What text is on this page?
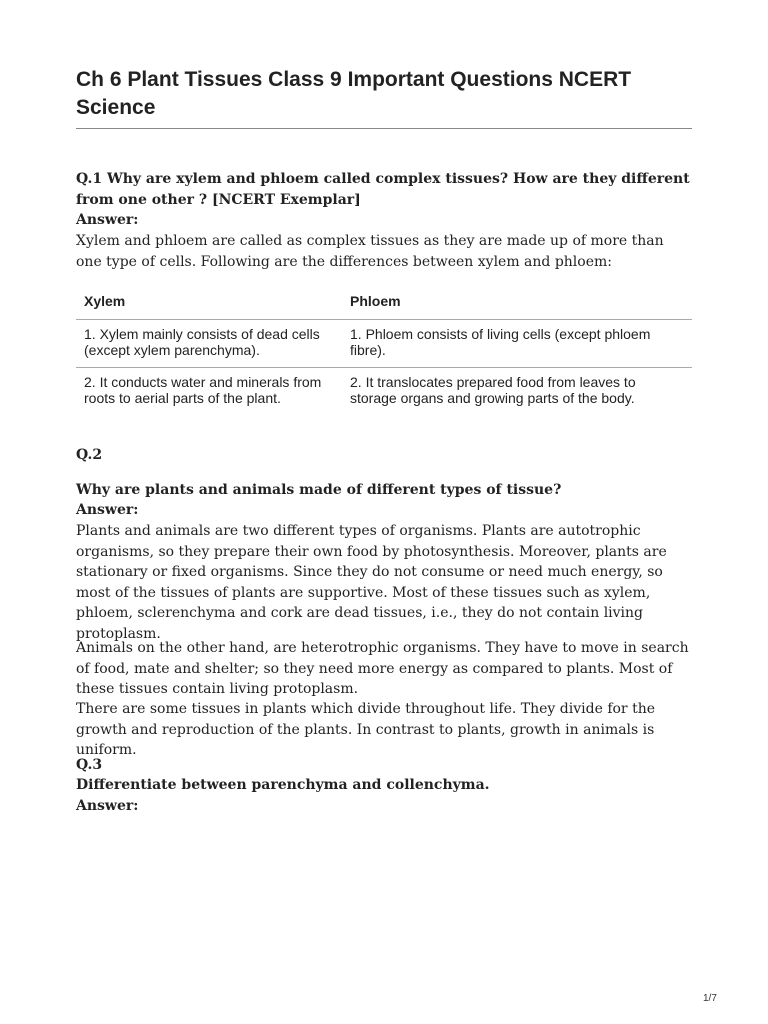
Ch 6 Plant Tissues Class 9 Important Questions NCERT Science

Q.1 Why are xylem and phloem called complex tissues? How are they different from one other ? [NCERT Exemplar]

Answer:

Xylem and phloem are called as complex tissues as they are made up of more than one type of cells. Following are the differences between xylem and phloem:

Xylem	Phloem
1. Xylem mainly consists of dead cells (except xylem parenchyma).	1. Phloem consists of living cells (except phloem fibre).
2. It conducts water and minerals from roots to aerial parts of the plant.	2. It translocates prepared food from leaves to storage organs and growing parts of the body.

Q.2

Why are plants and animals made of different types of tissue?

Answer:

Plants and animals are two different types of organisms. Plants are autotrophic organisms, so they prepare their own food by photosynthesis. Moreover, plants are stationary or fixed organisms. Since they do not consume or need much energy, so most of the tissues of plants are supportive. Most of these tissues such as xylem, phloem, sclerenchyma and cork are dead tissues, i.e., they do not contain living protoplasm.

Animals on the other hand, are heterotrophic organisms. They have to move in search of food, mate and shelter; so they need more energy as compared to plants. Most of these tissues contain living protoplasm.

There are some tissues in plants which divide throughout life. They divide for the growth and reproduction of the plants. In contrast to plants, growth in animals is uniform.

Q.3

Differentiate between parenchyma and collenchyma.

Answer:

1/7
